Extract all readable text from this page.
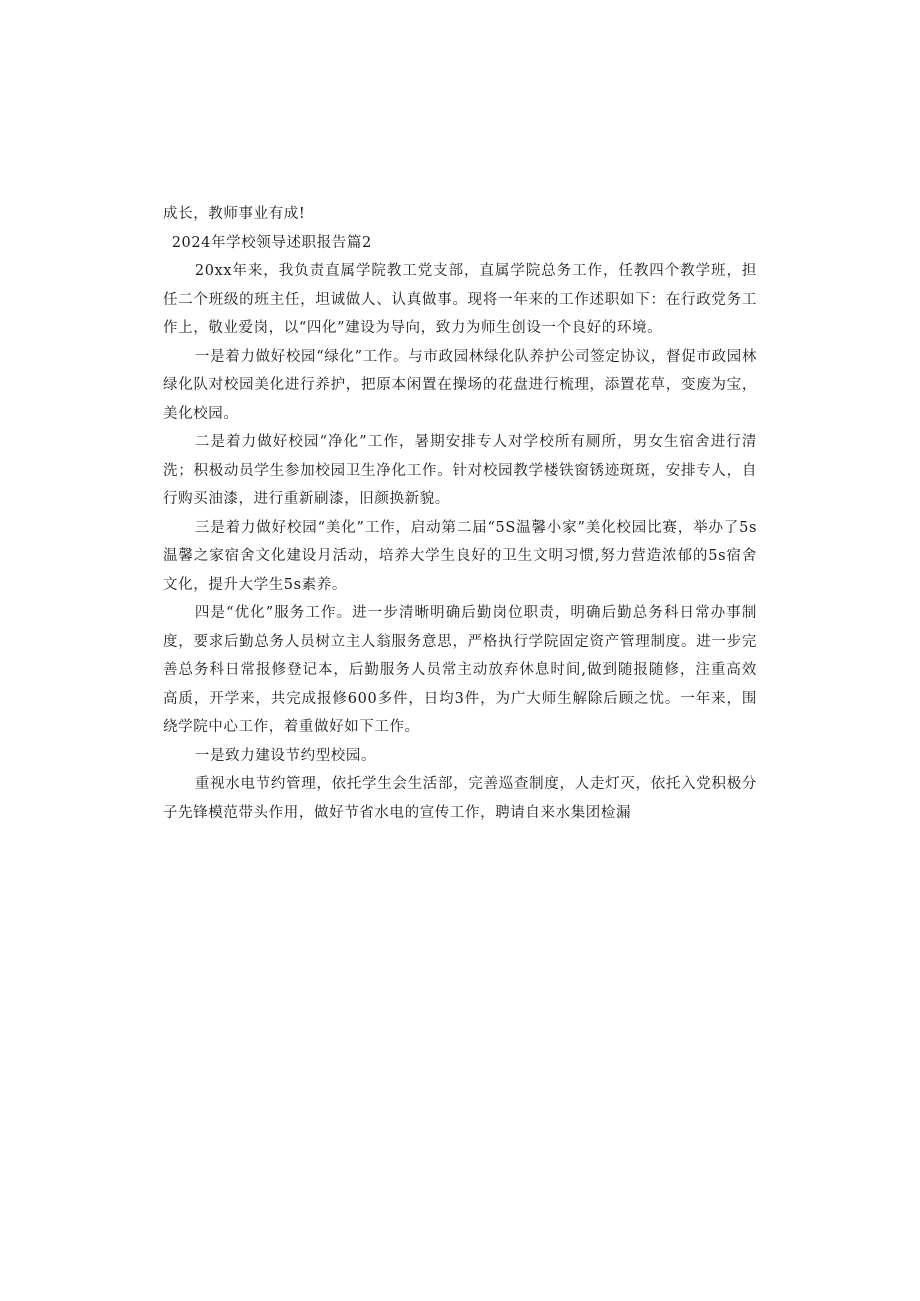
成长，教师事业有成!

2024年学校领导述职报告篇2

20xx年来，我负责直属学院教工党支部，直属学院总务工作，任教四个教学班，担任二个班级的班主任，坦诚做人、认真做事。现将一年来的工作述职如下：在行政党务工作上，敬业爱岗，以“四化”建设为导向，致力为师生创设一个良好的环境。

一是着力做好校园“绿化”工作。与市政园林绿化队养护公司签定协议，督促市政园林绿化队对校园美化进行养护，把原本闲置在操场的花盘进行梳理，添置花草，变废为宝，美化校园。

二是着力做好校园“净化”工作，暑期安排专人对学校所有厕所，男女生宿舍进行清洗；积极动员学生参加校园卫生净化工作。针对校园教学楼铁窗锈迹斑斑，安排专人，自行购买油漆，进行重新刷漆，旧颜换新貌。

三是着力做好校园“美化”工作，启动第二届“5S温馨小家”美化校园比赛，举办了5s温馨之家宿舍文化建设月活动，培养大学生良好的卫生文明习惯,努力营造浓郁的5s宿舍文化，提升大学生5s素养。

四是“优化”服务工作。进一步清晰明确后勤岗位职责，明确后勤总务科日常办事制度，要求后勤总务人员树立主人翁服务意思，严格执行学院固定资产管理制度。进一步完善总务科日常报修登记本，后勤服务人员常主动放弃休息时间,做到随报随修，注重高效高质，开学来，共完成报修600多件，日均3件，为广大师生解除后顾之忧。一年来，围绕学院中心工作，着重做好如下工作。

一是致力建设节约型校园。

重视水电节约管理，依托学生会生活部，完善巡查制度，人走灯灭，依托入党积极分子先锋模范带头作用，做好节省水电的宣传工作，聘请自来水集团检漏
